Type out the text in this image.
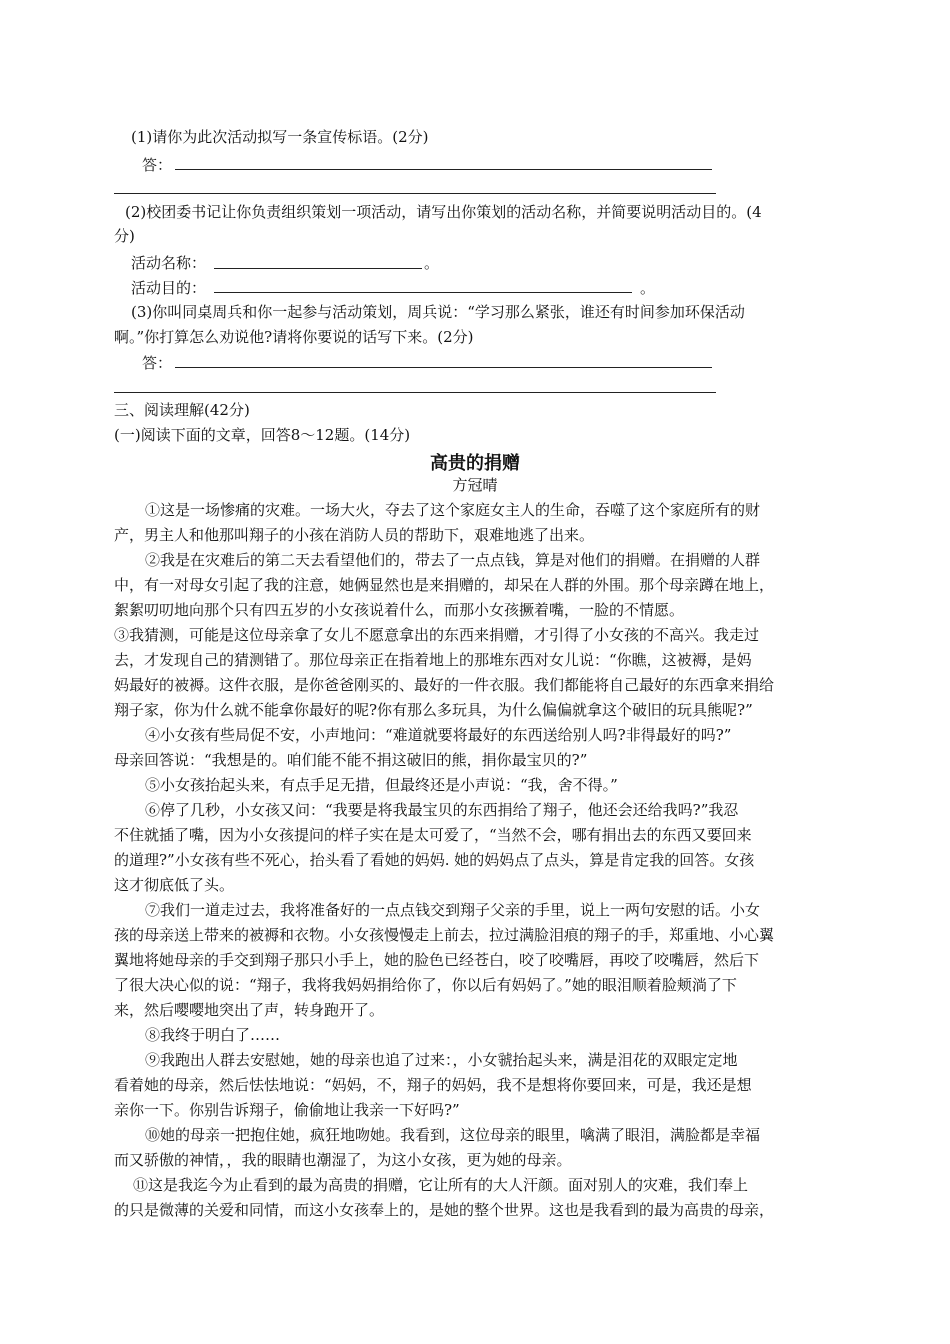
(1)请你为此次活动拟写一条宣传标语。(2分)
答：
(2)校团委书记让你负责组织策划一项活动，请写出你策划的活动名称，并简要说明活动目的。(4
分)
活动名称：	。
活动目的：	。
(3)你叫同桌周兵和你一起参与活动策划，周兵说：“学习那么紧张，谁还有时间参加环保活动
啊。”你打算怎么劝说他?请将你要说的话写下来。(2分)
答：
三、阅读理解(42分)
(一)阅读下面的文章，回答8～12题。(14分)
高贵的捐赠
方冠晴
①这是一场惨痛的灾难。一场大火，夺去了这个家庭女主人的生命，吞噬了这个家庭所有的财
产，男主人和他那叫翔子的小孩在消防人员的帮助下，艰难地逃了出来。
②我是在灾难后的第二天去看望他们的，带去了一点点钱，算是对他们的捐赠。在捐赠的人群
中，有一对母女引起了我的注意，她俩显然也是来捐赠的，却呆在人群的外围。那个母亲蹲在地上，
絮絮叨叨地向那个只有四五岁的小女孩说着什么，而那小女孩撅着嘴，一脸的不情愿。
③我猜测，可能是这位母亲拿了女儿不愿意拿出的东西来捐赠，才引得了小女孩的不高兴。我走过
去，才发现自己的猜测错了。那位母亲正在指着地上的那堆东西对女儿说：“你瞧，这被褥，是妈
妈最好的被褥。这件衣服，是你爸爸刚买的、最好的一件衣服。我们都能将自己最好的东西拿来捐给
翔子家，你为什么就不能拿你最好的呢?你有那么多玩具，为什么偏偏就拿这个破旧的玩具熊呢?”
④小女孩有些局促不安，小声地问：“难道就要将最好的东西送给别人吗?非得最好的吗?”
母亲回答说：“我想是的。咱们能不能不捐这破旧的熊，捐你最宝贝的?”
⑤小女孩抬起头来，有点手足无措，但最终还是小声说：“我，舍不得。”
⑥停了几秒，小女孩又问：“我要是将我最宝贝的东西捐给了翔子，他还会还给我吗?”我忍
不住就插了嘴，因为小女孩提问的样子实在是太可爱了，“当然不会，哪有捐出去的东西又要回来
的道理?”小女孩有些不死心，抬头看了看她的妈妈. 她的妈妈点了点头，算是肯定我的回答。女孩
这才彻底低了头。
⑦我们一道走过去，我将准备好的一点点钱交到翔子父亲的手里，说上一两句安慰的话。小女
孩的母亲送上带来的被褥和衣物。小女孩慢慢走上前去，拉过满脸泪痕的翔子的手，郑重地、小心翼
翼地将她母亲的手交到翔子那只小手上，她的脸色已经苍白，咬了咬嘴唇，再咬了咬嘴唇，然后下
了很大决心似的说：“翔子，我将我妈妈捐给你了，你以后有妈妈了。”她的眼泪顺着脸颊淌了下
来，然后嘤嘤地突出了声，转身跑开了。
⑧我终于明白了……
⑨我跑出人群去安慰她，她的母亲也追了过来：，小女虢抬起头来，满是泪花的双眼定定地
看着她的母亲，然后怯怯地说：“妈妈，不，翔子的妈妈，我不是想将你要回来，可是，我还是想
亲你一下。你别告诉翔子，偷偷地让我亲一下好吗?”
⑩她的母亲一把抱住她，疯狂地吻她。我看到，这位母亲的眼里，噙满了眼泪，满脸都是幸福
而又骄傲的神情，，我的眼睛也潮湿了，为这小女孩，更为她的母亲。
⑪这是我迄今为止看到的最为高贵的捐赠，它让所有的大人汗颜。面对别人的灾难，我们奉上
的只是微薄的关爱和同情，而这小女孩奉上的，是她的整个世界。这也是我看到的最为高贵的母亲，
